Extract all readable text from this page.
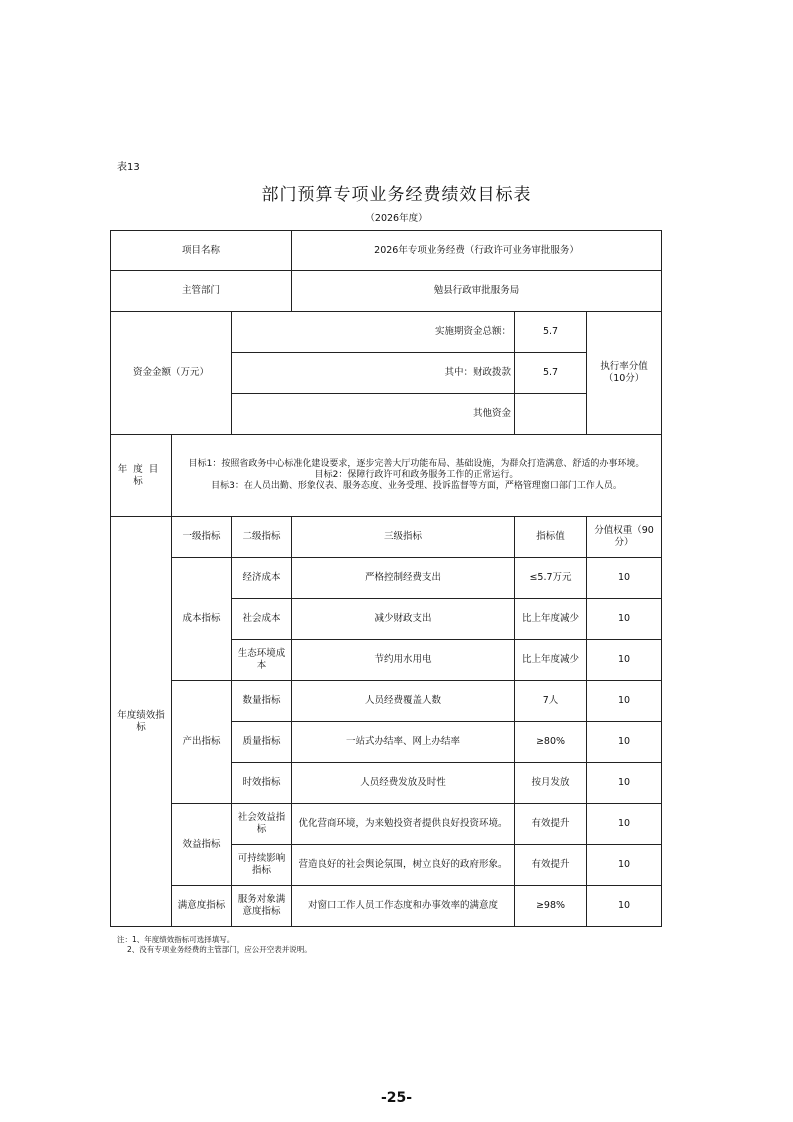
表13
部门预算专项业务经费绩效目标表
（2026年度）
项目名称			2026年专项业务经费（行政许可业务审批服务）		
主管部门			勉县行政审批服务局		
资金金额（万元）		实施期资金总额：		5.7	执行率分值（10分）
		其中：财政拨款		5.7	
		其他资金			
年度目标	目标1：按照省政务中心标准化建设要求，逐步完善大厅功能布局、基础设施，为群众打造满意、舒适的办事环境。
目标2：保障行政许可和政务服务工作的正常运行。
目标3：在人员出勤、形象仪表、服务态度、业务受理、投诉监督等方面，严格管理窗口部门工作人员。				

年度绩效指标	一级指标	二级指标	三级指标	指标值	分值权重（90分）
	成本指标	经济成本	严格控制经费支出	≤5.7万元	10
		社会成本	减少财政支出	比上年度减少	10
		生态环境成本	节约用水用电	比上年度减少	10
	产出指标	数量指标	人员经费覆盖人数	7人	10
		质量指标	一站式办结率、网上办结率	≥80%	10
		时效指标	人员经费发放及时性	按月发放	10
	效益指标	社会效益指标	优化营商环境，为来勉投资者提供良好投资环境。	有效提升	10
		可持续影响指标	营造良好的社会舆论氛围，树立良好的政府形象。	有效提升	10
	满意度指标	服务对象满意度指标	对窗口工作人员工作态度和办事效率的满意度	≥98%	10
注：1、年度绩效指标可选择填写。
2、没有专项业务经费的主管部门，应公开空表并说明。
-25-
